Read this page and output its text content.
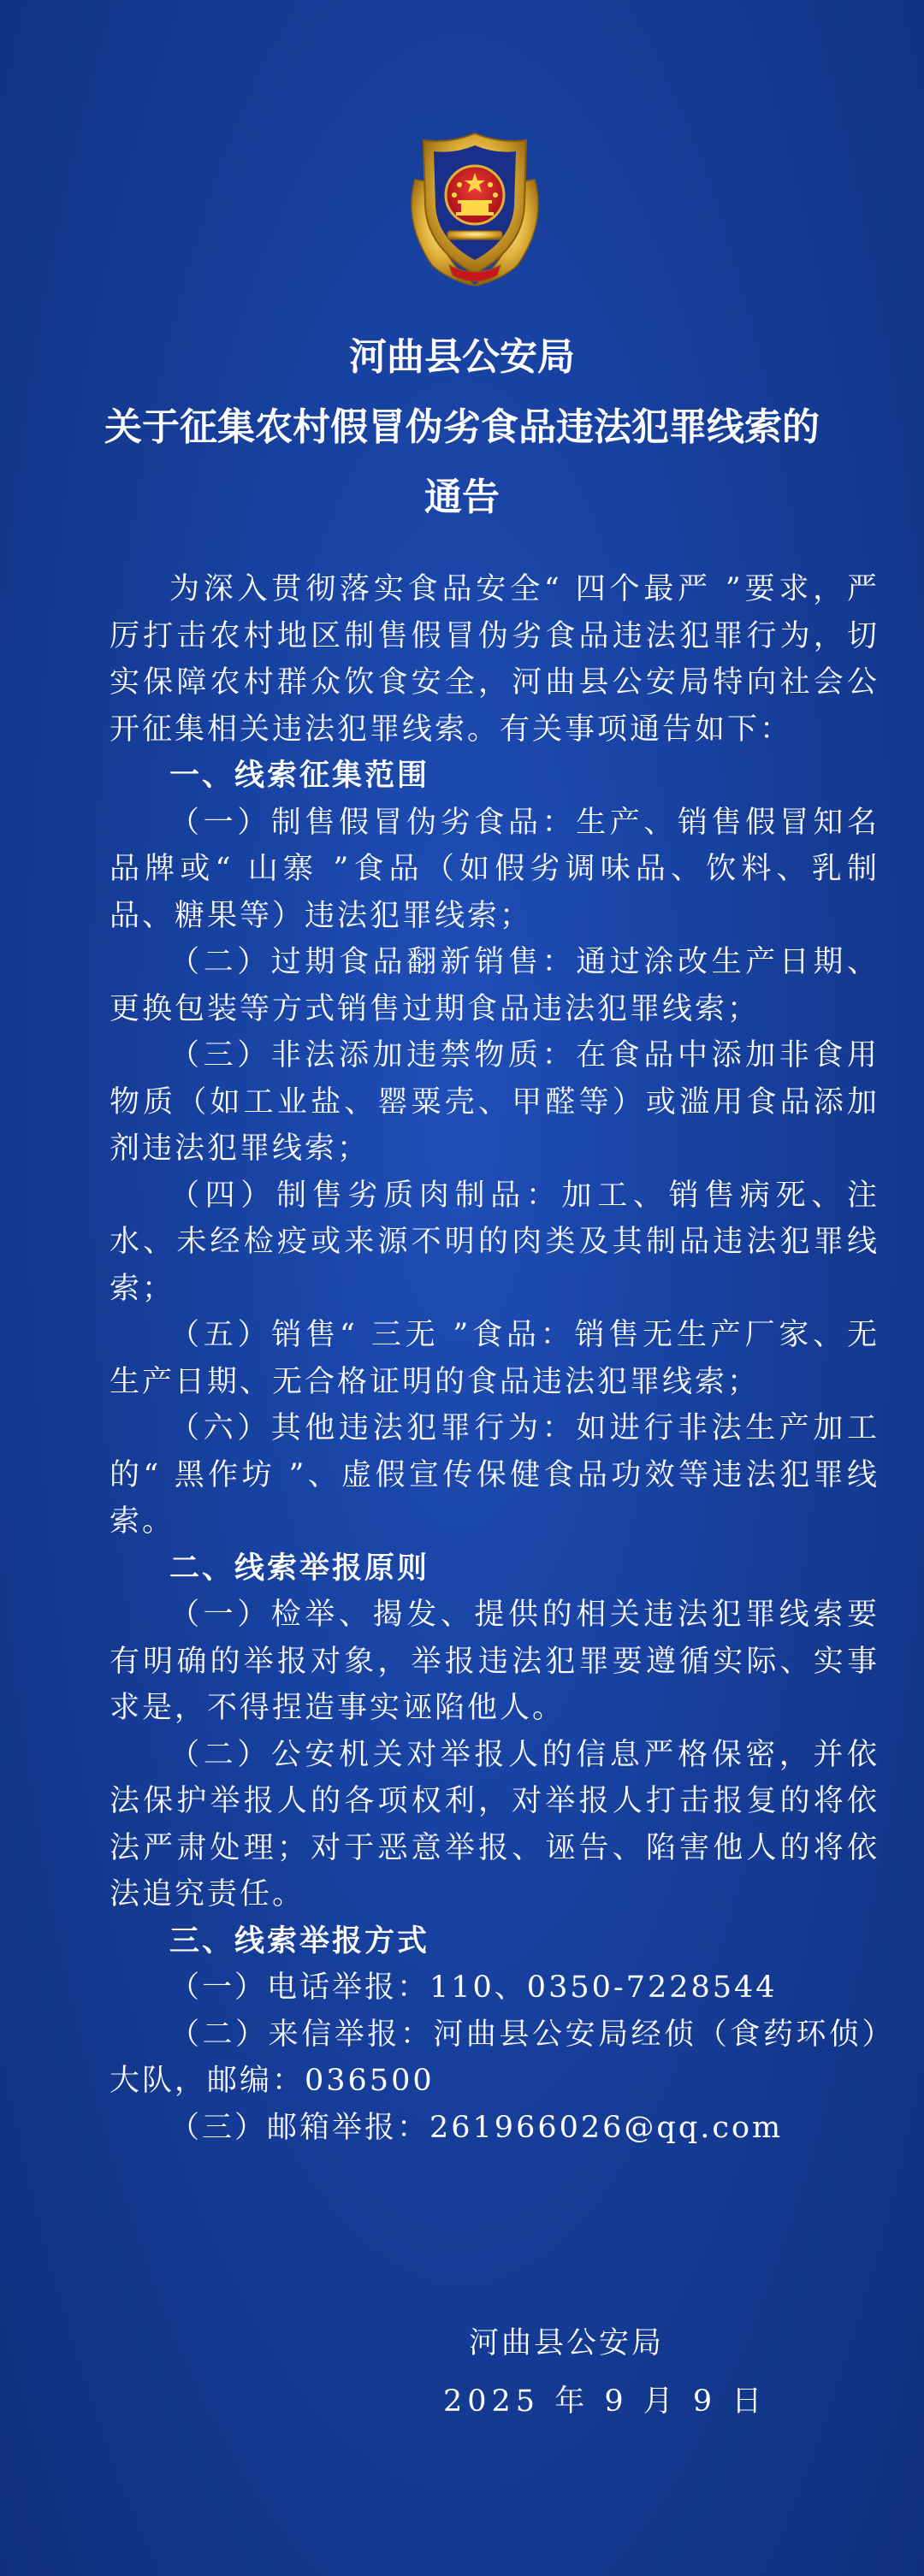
河曲县公安局
关于征集农村假冒伪劣食品违法犯罪线索的
通告

为深入贯彻落实食品安全“ 四个最严 ”要求，严厉打击农村地区制售假冒伪劣食品违法犯罪行为，切实保障农村群众饮食安全，河曲县公安局特向社会公开征集相关违法犯罪线索。有关事项通告如下：

一、线索征集范围

（一）制售假冒伪劣食品：生产、销售假冒知名品牌或“ 山寨 ”食品（如假劣调味品、饮料、乳制品、糖果等）违法犯罪线索；

（二）过期食品翻新销售：通过涂改生产日期、更换包装等方式销售过期食品违法犯罪线索；

（三）非法添加违禁物质：在食品中添加非食用物质（如工业盐、罂粟壳、甲醛等）或滥用食品添加剂违法犯罪线索；

（四）制售劣质肉制品：加工、销售病死、注水、未经检疫或来源不明的肉类及其制品违法犯罪线索；

（五）销售“ 三无 ”食品：销售无生产厂家、无生产日期、无合格证明的食品违法犯罪线索；

（六）其他违法犯罪行为：如进行非法生产加工的“ 黑作坊 ”、虚假宣传保健食品功效等违法犯罪线索。

二、线索举报原则

（一）检举、揭发、提供的相关违法犯罪线索要有明确的举报对象，举报违法犯罪要遵循实际、实事求是，不得捏造事实诬陷他人。

（二）公安机关对举报人的信息严格保密，并依法保护举报人的各项权利，对举报人打击报复的将依法严肃处理；对于恶意举报、诬告、陷害他人的将依法追究责任。

三、线索举报方式

（一）电话举报：110、0350-7228544

（二）来信举报：河曲县公安局经侦（食药环侦）大队，邮编：036500

（三）邮箱举报：261966026@qq.com

河曲县公安局
2025 年 9 月 9 日
